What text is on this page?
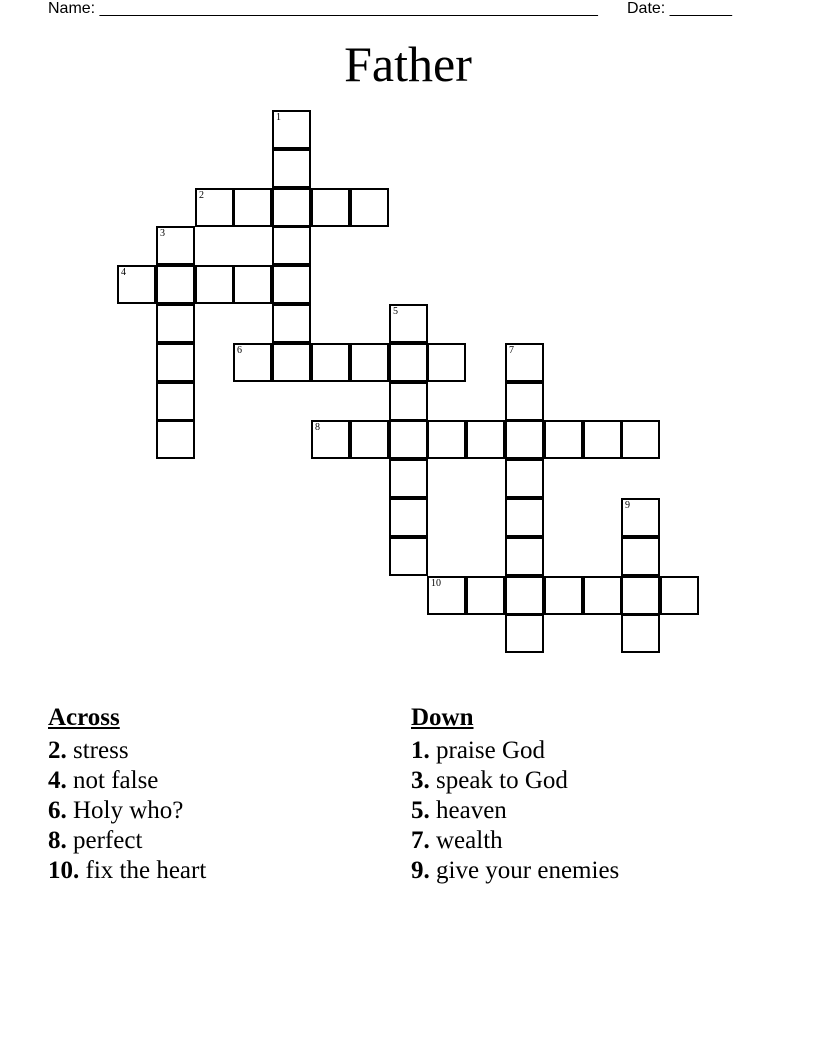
Name: ________________________________________________________ Date: _______
Father
1
2
3
4
5
6	7
8
9
10
Across
2. stress
4. not false
6. Holy who?
8. perfect
10. fix the heart
Down
1. praise God
3. speak to God
5. heaven
7. wealth
9. give your enemies
